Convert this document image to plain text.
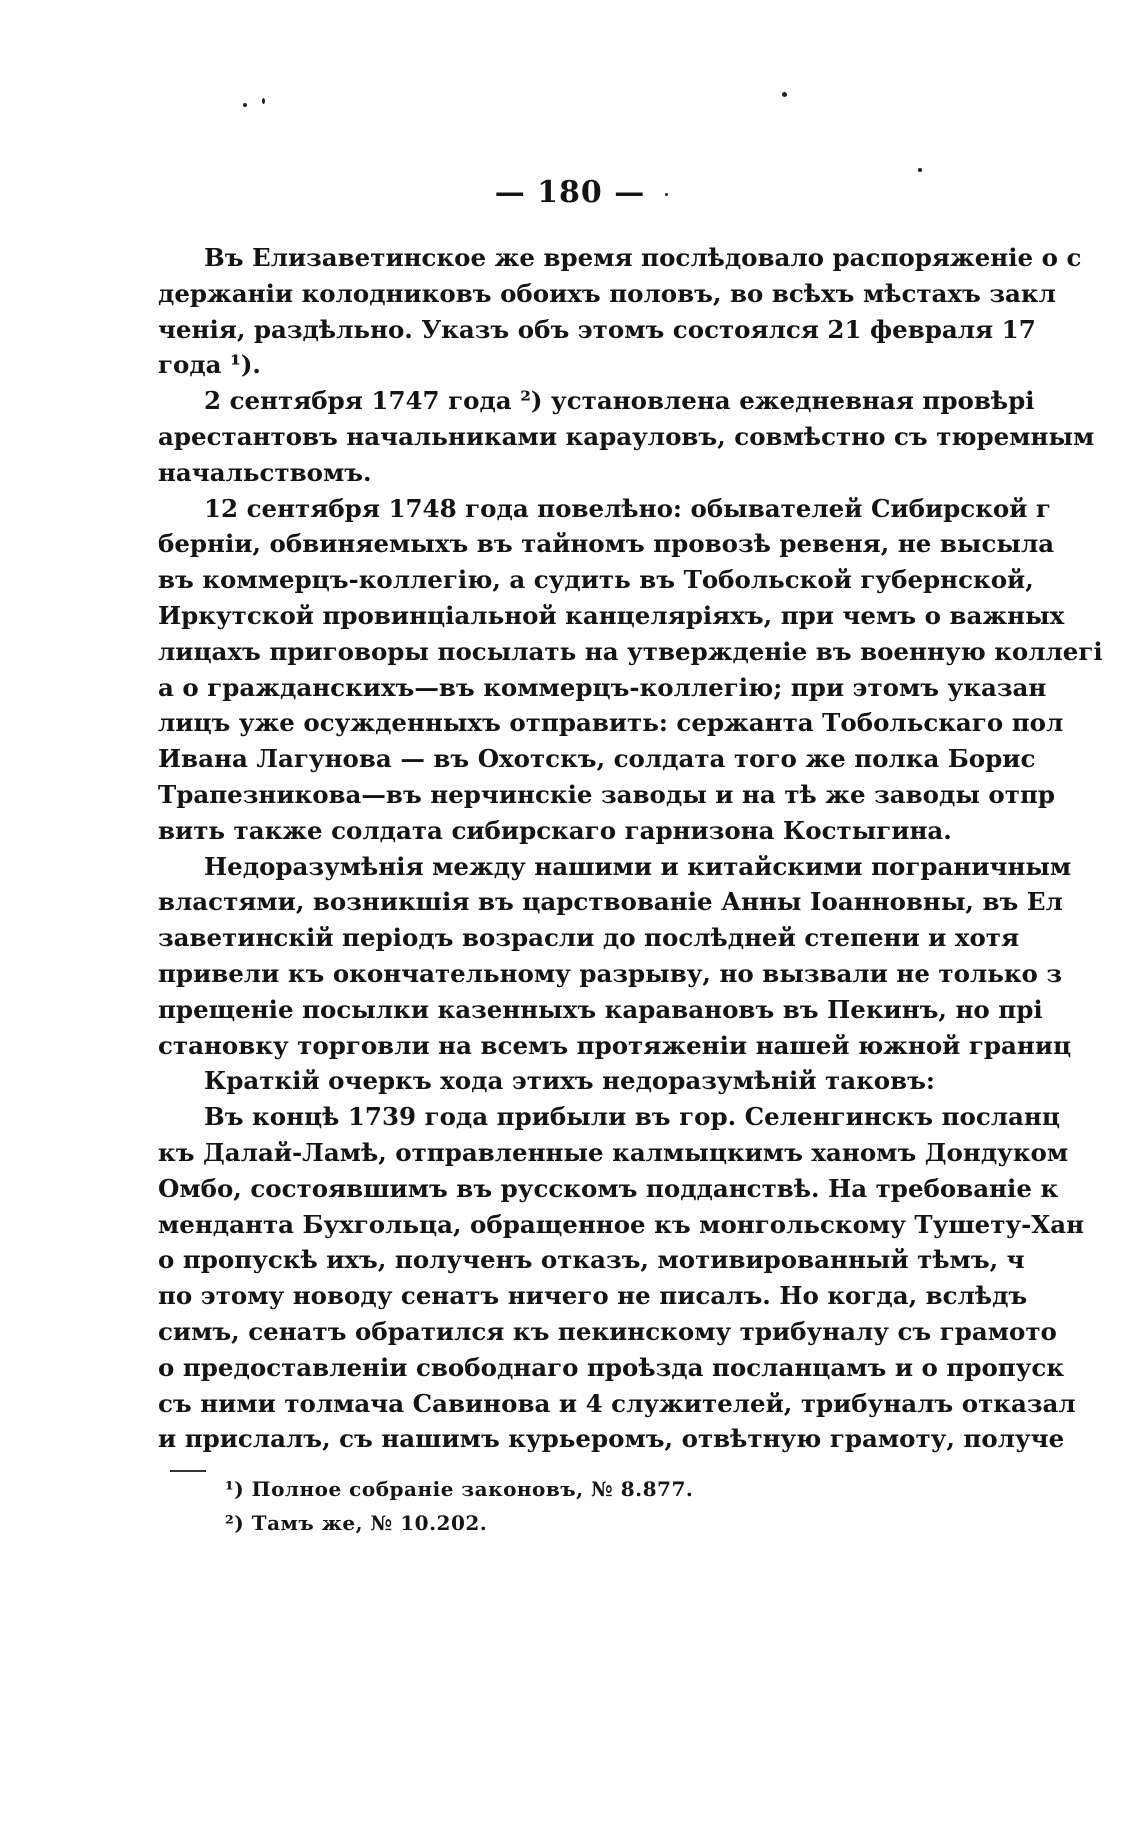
— 180 —
Въ Елизаветинское же время послѣдовало распоряженіе о с
держаніи колодниковъ обоихъ половъ, во всѣхъ мѣстахъ закл
ченія, раздѣльно. Указъ объ этомъ состоялся 21 февраля 17
года ¹).
2 сентября 1747 года ²) установлена ежедневная провѣрі
арестантовъ начальниками карауловъ, совмѣстно съ тюремным
начальствомъ.
12 сентября 1748 года повелѣно: обывателей Сибирской г
берніи, обвиняемыхъ въ тайномъ провозѣ ревеня, не высыла
въ коммерцъ-коллегію, а судить въ Тобольской губернской,
Иркутской провинціальной канцеляріяхъ, при чемъ о важных
лицахъ приговоры посылать на утвержденіе въ военную коллегі
а о гражданскихъ—въ коммерцъ-коллегію; при этомъ указан
лицъ уже осужденныхъ отправить: сержанта Тобольскаго пол
Ивана Лагунова — въ Охотскъ, солдата того же полка Борис
Трапезникова—въ нерчинскіе заводы и на тѣ же заводы отпр
вить также солдата сибирскаго гарнизона Костыгина.
Недоразумѣнія между нашими и китайскими пограничным
властями, возникшія въ царствованіе Анны Іоанновны, въ Ел
заветинскій періодъ возрасли до послѣдней степени и хотя
привели къ окончательному разрыву, но вызвали не только з
прещеніе посылки казенныхъ каравановъ въ Пекинъ, но прі
становку торговли на всемъ протяженіи нашей южной границ
Краткій очеркъ хода этихъ недоразумѣній таковъ:
Въ концѣ 1739 года прибыли въ гор. Селенгинскъ посланц
къ Далай-Ламѣ, отправленные калмыцкимъ ханомъ Дондуком
Омбо, состоявшимъ въ русскомъ подданствѣ. На требованіе к
менданта Бухгольца, обращенное къ монгольскому Тушету-Хан
о пропускѣ ихъ, полученъ отказъ, мотивированный тѣмъ, ч
по этому новоду сенатъ ничего не писалъ. Но когда, вслѣдъ
симъ, сенатъ обратился къ пекинскому трибуналу съ грамото
о предоставленіи свободнаго проѣзда посланцамъ и о пропуск
съ ними толмача Савинова и 4 служителей, трибуналъ отказал
и прислалъ, съ нашимъ курьеромъ, отвѣтную грамоту, получе
¹) Полное собраніе законовъ, № 8.877.
²) Тамъ же, № 10.202.
